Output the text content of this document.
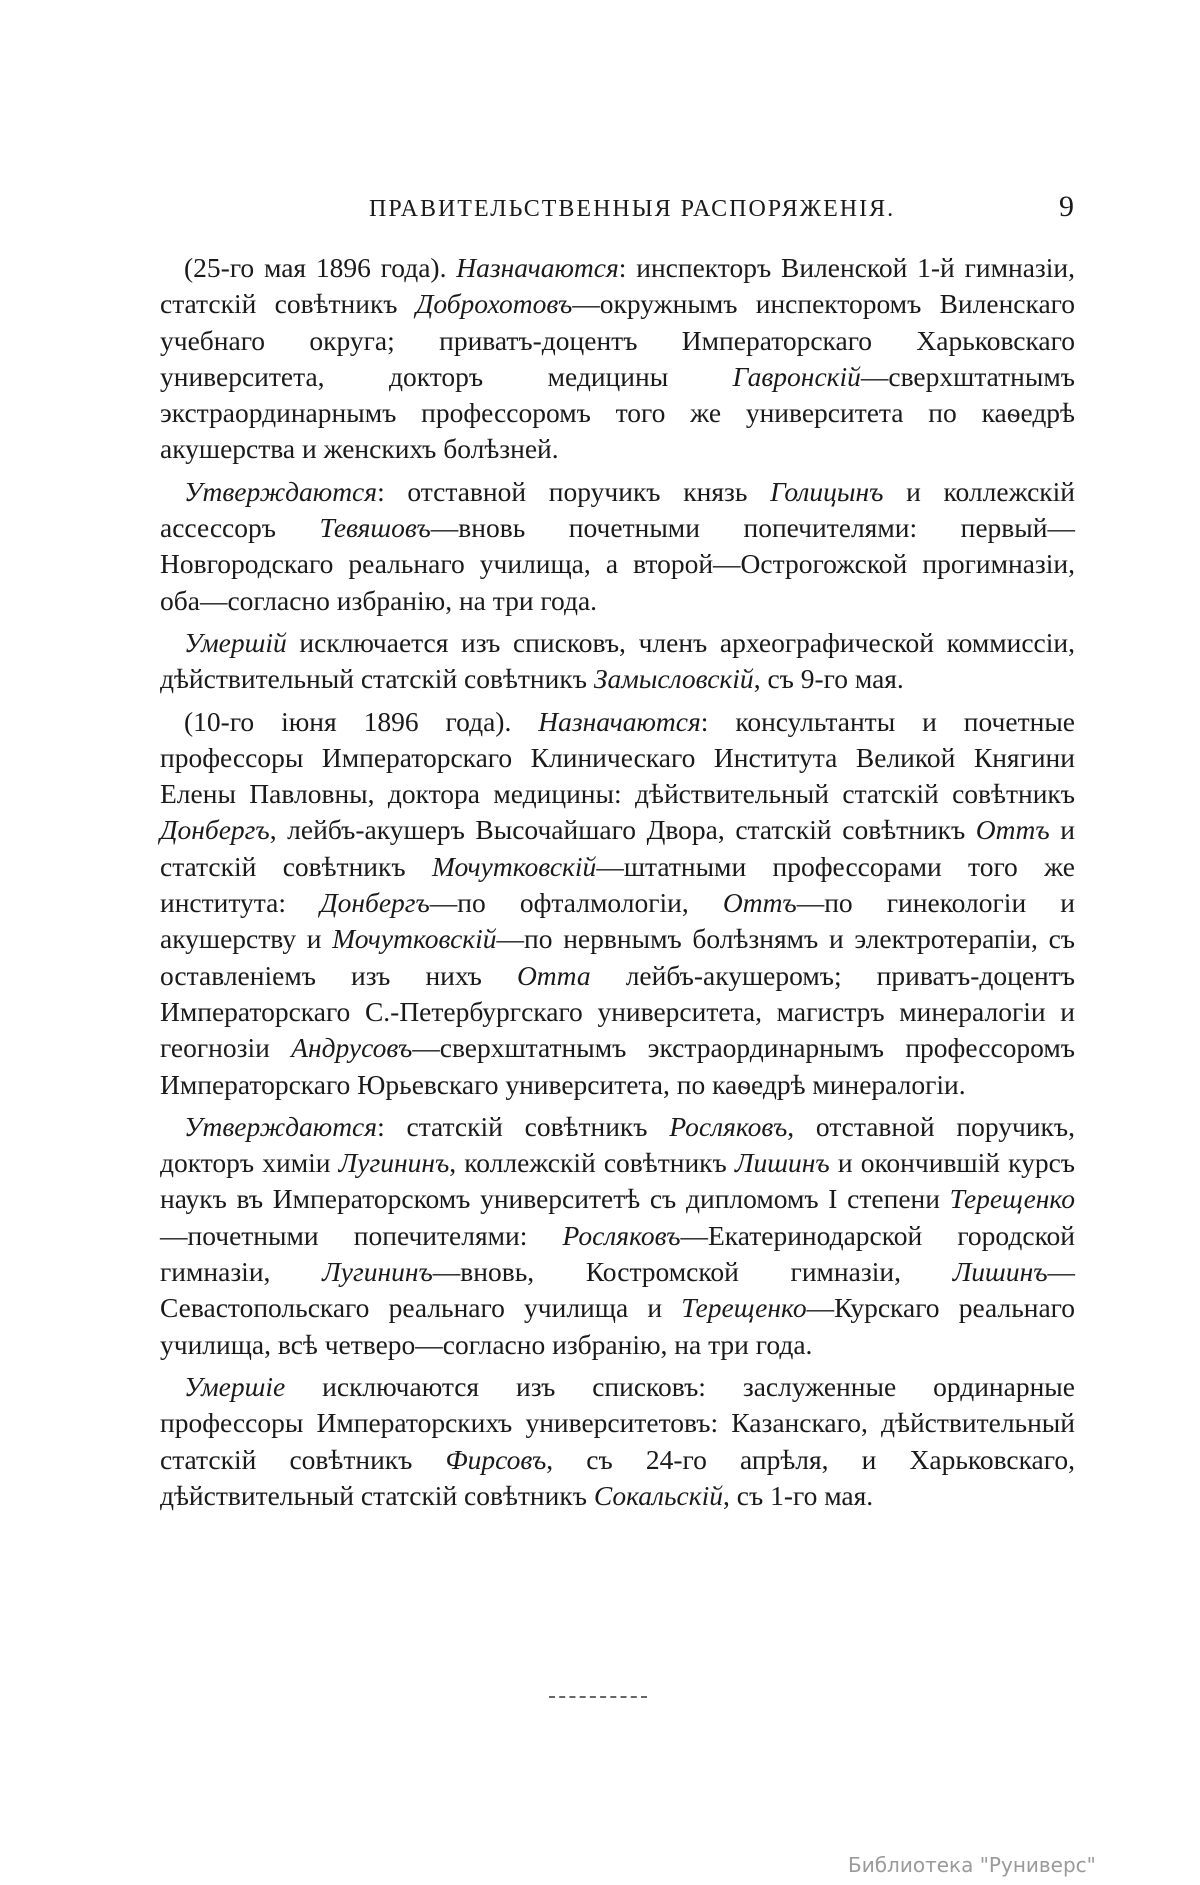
ПРАВИТЕЛЬСТВЕННЫЯ РАСПОРЯЖЕНІЯ.	9

(25-го мая 1896 года). Назначаются: инспекторъ Виленской 1-й гимназіи, статскій совѣтникъ Доброхотовъ—окружнымъ инспекторомъ Виленскаго учебнаго округа; приватъ-доцентъ Императорскаго Харьковскаго университета, докторъ медицины Гавронскій—сверхштатнымъ экстраординарнымъ профессоромъ того же университета по каѳедрѣ акушерства и женскихъ болѣзней.

Утверждаются: отставной поручикъ князь Голицынъ и коллежскій ассессоръ Тевяшовъ—вновь почетными попечителями: первый—Новгородскаго реальнаго училища, а второй—Острогожской прогимназіи, оба—согласно избранію, на три года.

Умершій исключается изъ списковъ, членъ археографической коммиссіи, дѣйствительный статскій совѣтникъ Замысловскій, съ 9-го мая.

(10-го іюня 1896 года). Назначаются: консультанты и почетные профессоры Императорскаго Клиническаго Института Великой Княгини Елены Павловны, доктора медицины: дѣйствительный статскій совѣтникъ Донбергъ, лейбъ-акушеръ Высочайшаго Двора, статскій совѣтникъ Оттъ и статскій совѣтникъ Мочутковскій—штатными профессорами того же института: Донбергъ—по офталмологіи, Оттъ—по гинекологіи и акушерству и Мочутковскій—по нервнымъ болѣзнямъ и электротерапіи, съ оставленіемъ изъ нихъ Отта лейбъ-акушеромъ; приватъ-доцентъ Императорскаго С.-Петербургскаго университета, магистръ минералогіи и геогнозіи Андрусовъ—сверхштатнымъ экстраординарнымъ профессоромъ Императорскаго Юрьевскаго университета, по каѳедрѣ минералогіи.

Утверждаются: статскій совѣтникъ Росляковъ, отставной поручикъ, докторъ химіи Лугининъ, коллежскій совѣтникъ Лишинъ и окончившій курсъ наукъ въ Императорскомъ университетѣ съ дипломомъ I степени Терещенко—почетными попечителями: Росляковъ—Екатеринодарской городской гимназіи, Лугининъ—вновь, Костромской гимназіи, Лишинъ—Севастопольскаго реальнаго училища и Терещенко—Курскаго реальнаго училища, всѣ четверо—согласно избранію, на три года.

Умершіе исключаются изъ списковъ: заслуженные ординарные профессоры Императорскихъ университетовъ: Казанскаго, дѣйствительный статскій совѣтникъ Фирсовъ, съ 24-го апрѣля, и Харьковскаго, дѣйствительный статскій совѣтникъ Сокальскій, съ 1-го мая.

Библиотека "Руниверс"
